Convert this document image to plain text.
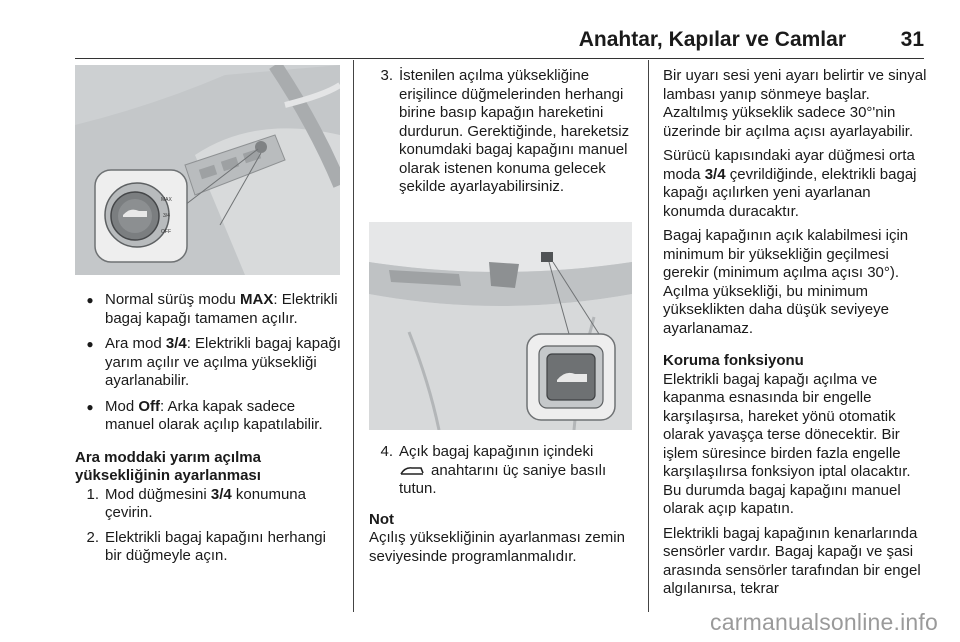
Anahtar, Kapılar ve Camlar	31
MAX
3/4
OFF
● Normal sürüş modu MAX: Elektrikli bagaj kapağı tamamen açılır.
● Ara mod 3/4: Elektrikli bagaj kapağı yarım açılır ve açılma yüksekliği ayarlanabilir.
● Mod Off: Arka kapak sadece manuel olarak açılıp kapatılabilir.

Ara moddaki yarım açılma yüksekliğinin ayarlanması

1. Mod düğmesini 3/4 konumuna çevirin.
2. Elektrikli bagaj kapağını herhangi bir düğmeyle açın.
3. İstenilen açılma yüksekliğine erişilince düğmelerinden herhangi birine basıp kapağın hareketini durdurun. Gerektiğinde, hareketsiz konumdaki bagaj kapağını manuel olarak istenen konuma gelecek şekilde ayarlayabilirsiniz.
4. Açık bagaj kapağının içindeki
anahtarını üç saniye basılı tutun.

Not

Açılış yüksekliğinin ayarlanması zemin seviyesinde programlanmalıdır.

Bir uyarı sesi yeni ayarı belirtir ve sinyal lambası yanıp sönmeye başlar. Azaltılmış yükseklik sadece 30°'nin üzerinde bir açılma açısı ayarlayabilir.

Sürücü kapısındaki ayar düğmesi orta moda 3/4 çevrildiğinde, elektrikli bagaj kapağı açılırken yeni ayarlanan konumda duracaktır.

Bagaj kapağının açık kalabilmesi için minimum bir yüksekliğin geçilmesi gerekir (minimum açılma açısı 30°). Açılma yüksekliği, bu minimum yükseklikten daha düşük seviyeye ayarlanamaz.

Koruma fonksiyonu

Elektrikli bagaj kapağı açılma ve kapanma esnasında bir engelle karşılaşırsa, hareket yönü otomatik olarak yavaşça terse dönecektir. Bir işlem süresince birden fazla engelle karşılaşılırsa fonksiyon iptal olacaktır. Bu durumda bagaj kapağını manuel olarak açıp kapatın.

Elektrikli bagaj kapağının kenarlarında sensörler vardır. Bagaj kapağı ve şasi arasında sensörler tarafından bir engel algılanırsa, tekrar

carmanualsonline.info
